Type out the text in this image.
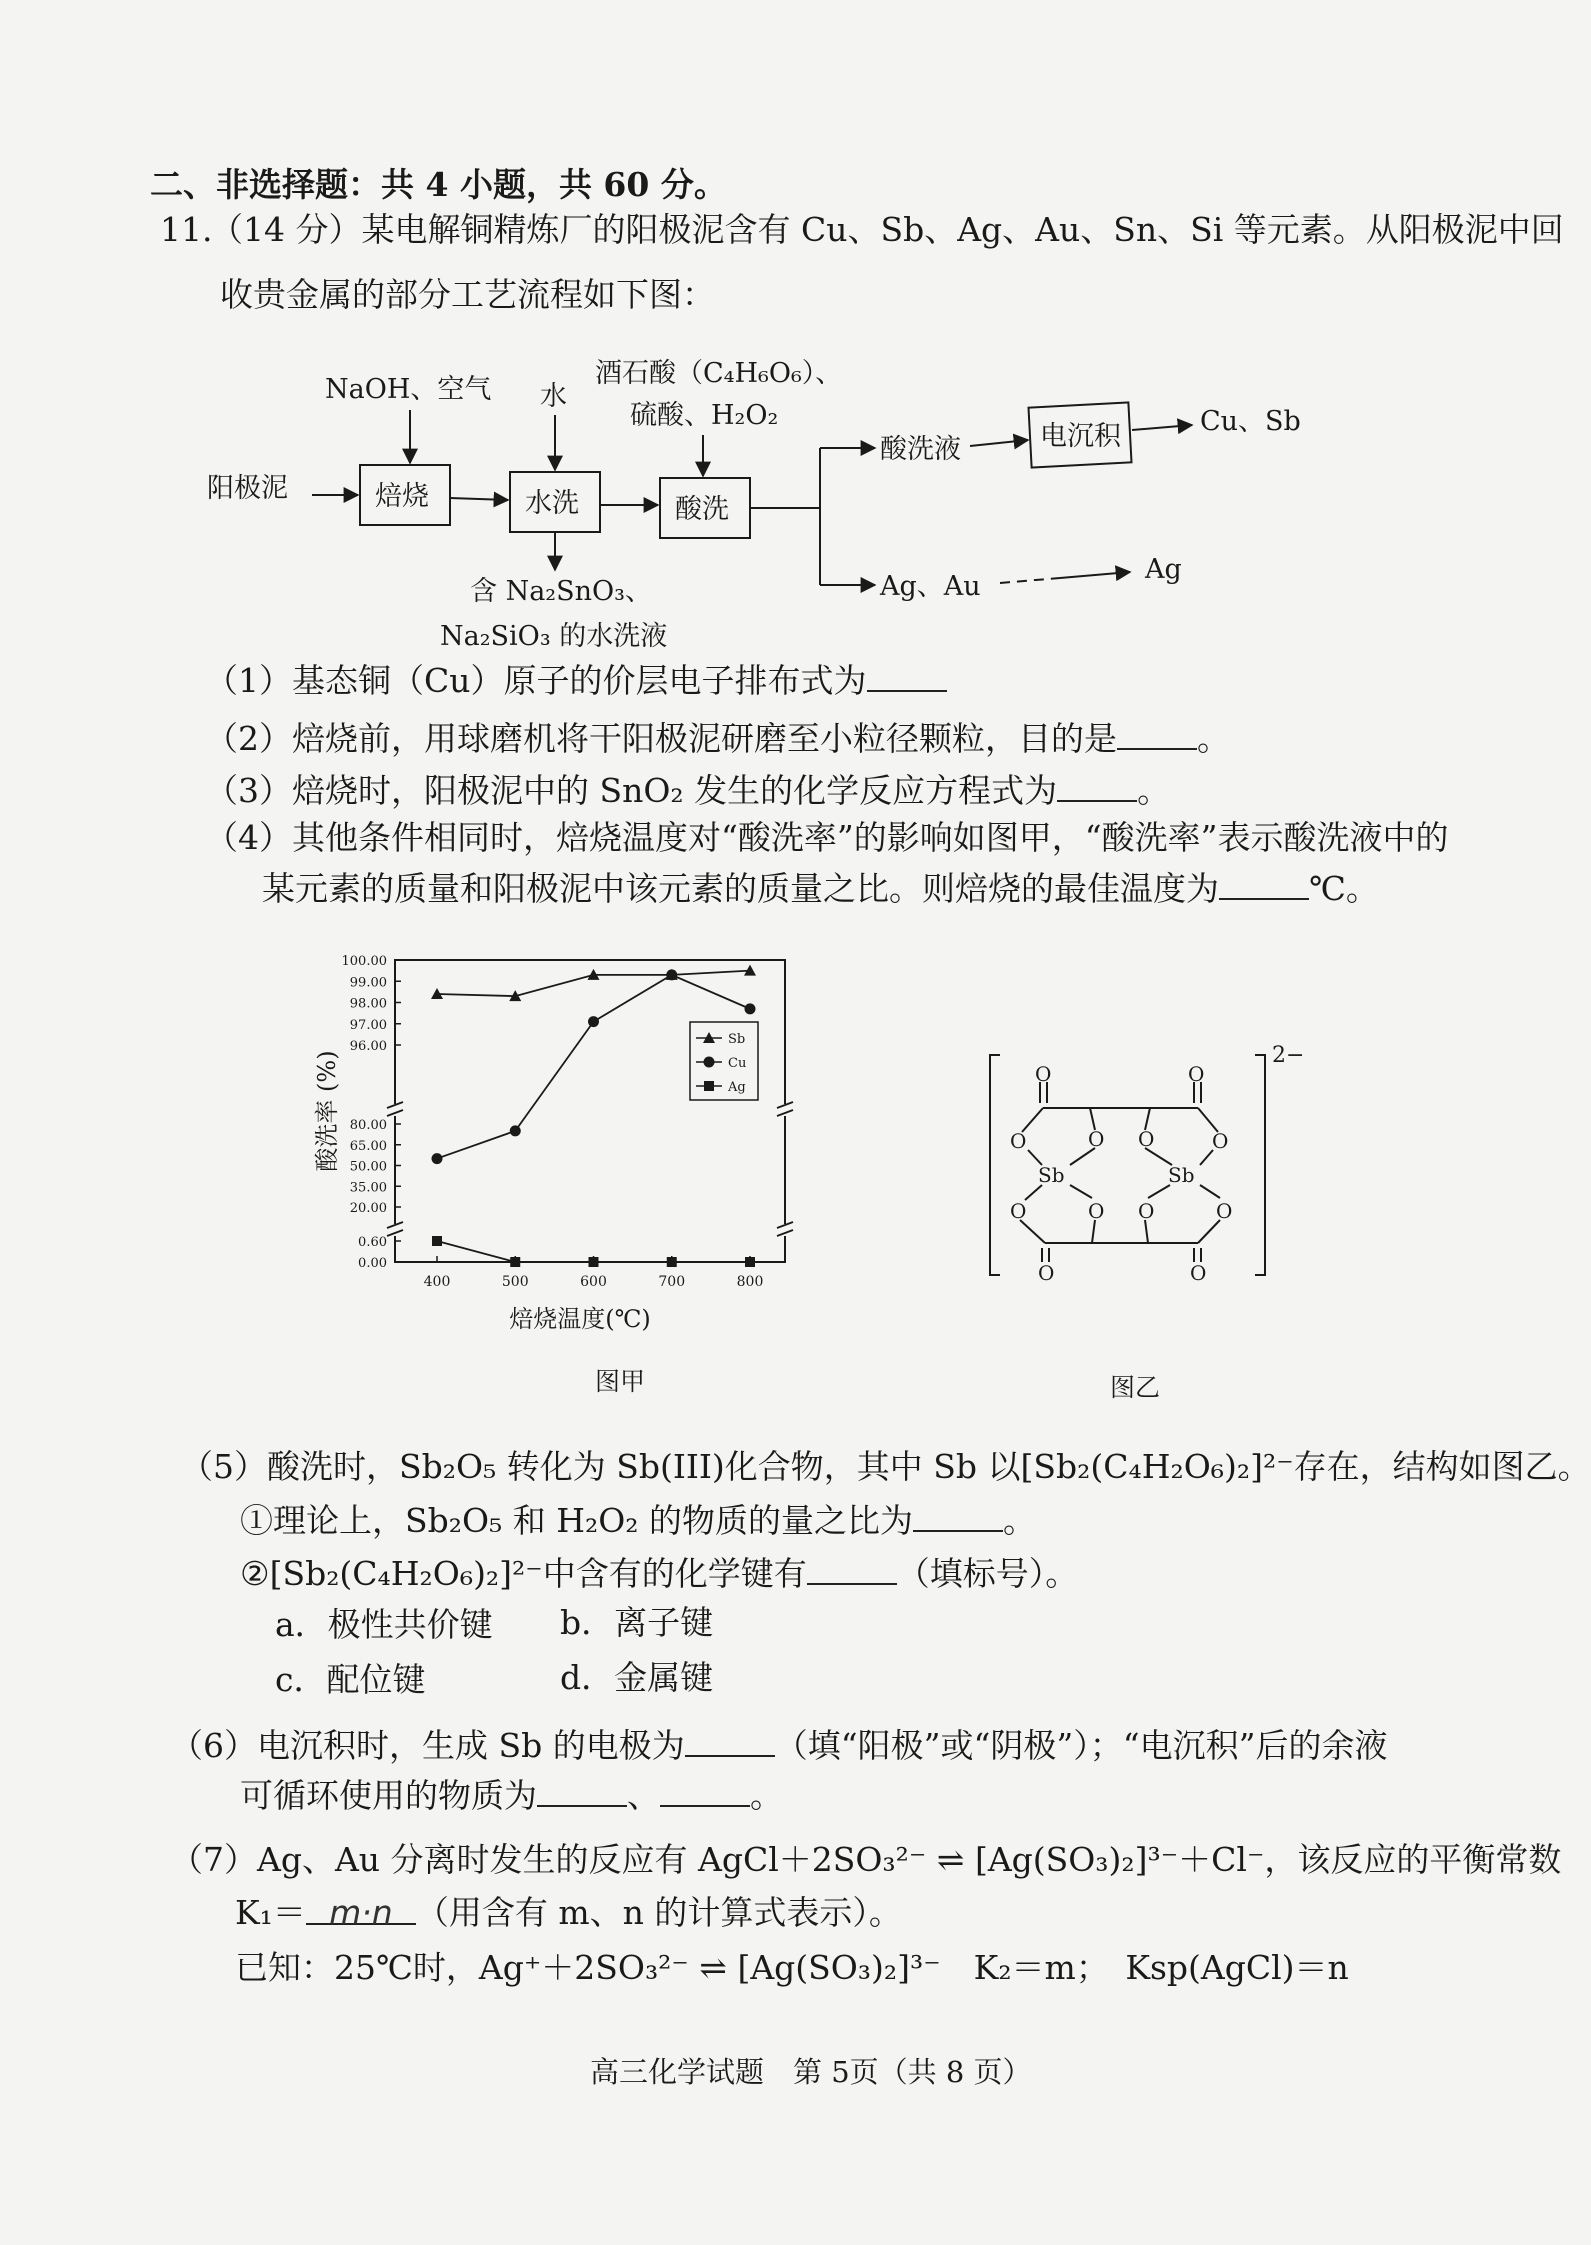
二、非选择题：共 4 小题，共 60 分。
11.
（14 分）某电解铜精炼厂的阳极泥含有 Cu、Sb、Ag、Au、Sn、Si 等元素。从阳极泥中回
收贵金属的部分工艺流程如下图：
阳极泥	焙烧	水洗	酸洗
电沉积
NaOH、空气 水
酒石酸（C₄H₆O₆）、
硫酸、H₂O₂
酸洗液
Cu、Sb
Ag、Au
Ag
含 Na₂SnO₃、
Na₂SiO₃ 的水洗液
（1）基态铜（Cu）原子的价层电子排布式为
（2）焙烧前，用球磨机将干阳极泥研磨至小粒径颗粒，目的是 。
（3）焙烧时，阳极泥中的 SnO₂ 发生的化学反应方程式为 。
（4）其他条件相同时，焙烧温度对“酸洗率”的影响如图甲，“酸洗率”表示酸洗液中的
某元素的质量和阳极泥中该元素的质量之比。则焙烧的最佳温度为	℃。
100.00
99.00
98.00
97.00
96.00
80.00
65.00
50.00
35.00
20.00
0.60
0.00
400	500	600	700	800
焙烧温度(℃)
酸洗率 (%)
Sb
Cu
Ag
图甲
O	O
O	O O	O
Sb	Sb
O	O O	O
O	O
2−
图乙
（5）酸洗时，Sb₂O₅ 转化为 Sb(III)化合物，其中 Sb 以[Sb₂(C₄H₂O₆)₂]²⁻存在，结构如图乙。
①理论上，Sb₂O₅ 和 H₂O₂ 的物质的量之比为	。
②[Sb₂(C₄H₂O₆)₂]²⁻中含有的化学键有	（填标号）。
a．极性共价键 b．离子键
c．配位键	d．金属键
（6）电沉积时，生成 Sb 的电极为	（填“阳极”或“阴极”）；“电沉积”后的余液
可循环使用的物质为	、	。
（7）Ag、Au 分离时发生的反应有 AgCl＋2SO₃²⁻ ⇌ [Ag(SO₃)₂]³⁻＋Cl⁻，该反应的平衡常数
K₁＝ m·n （用含有 m、n 的计算式表示）。
已知：25℃时，Ag⁺＋2SO₃²⁻ ⇌ [Ag(SO₃)₂]³⁻　K₂＝m；　Ksp(AgCl)＝n
高三化学试题　第 5页（共 8 页）
